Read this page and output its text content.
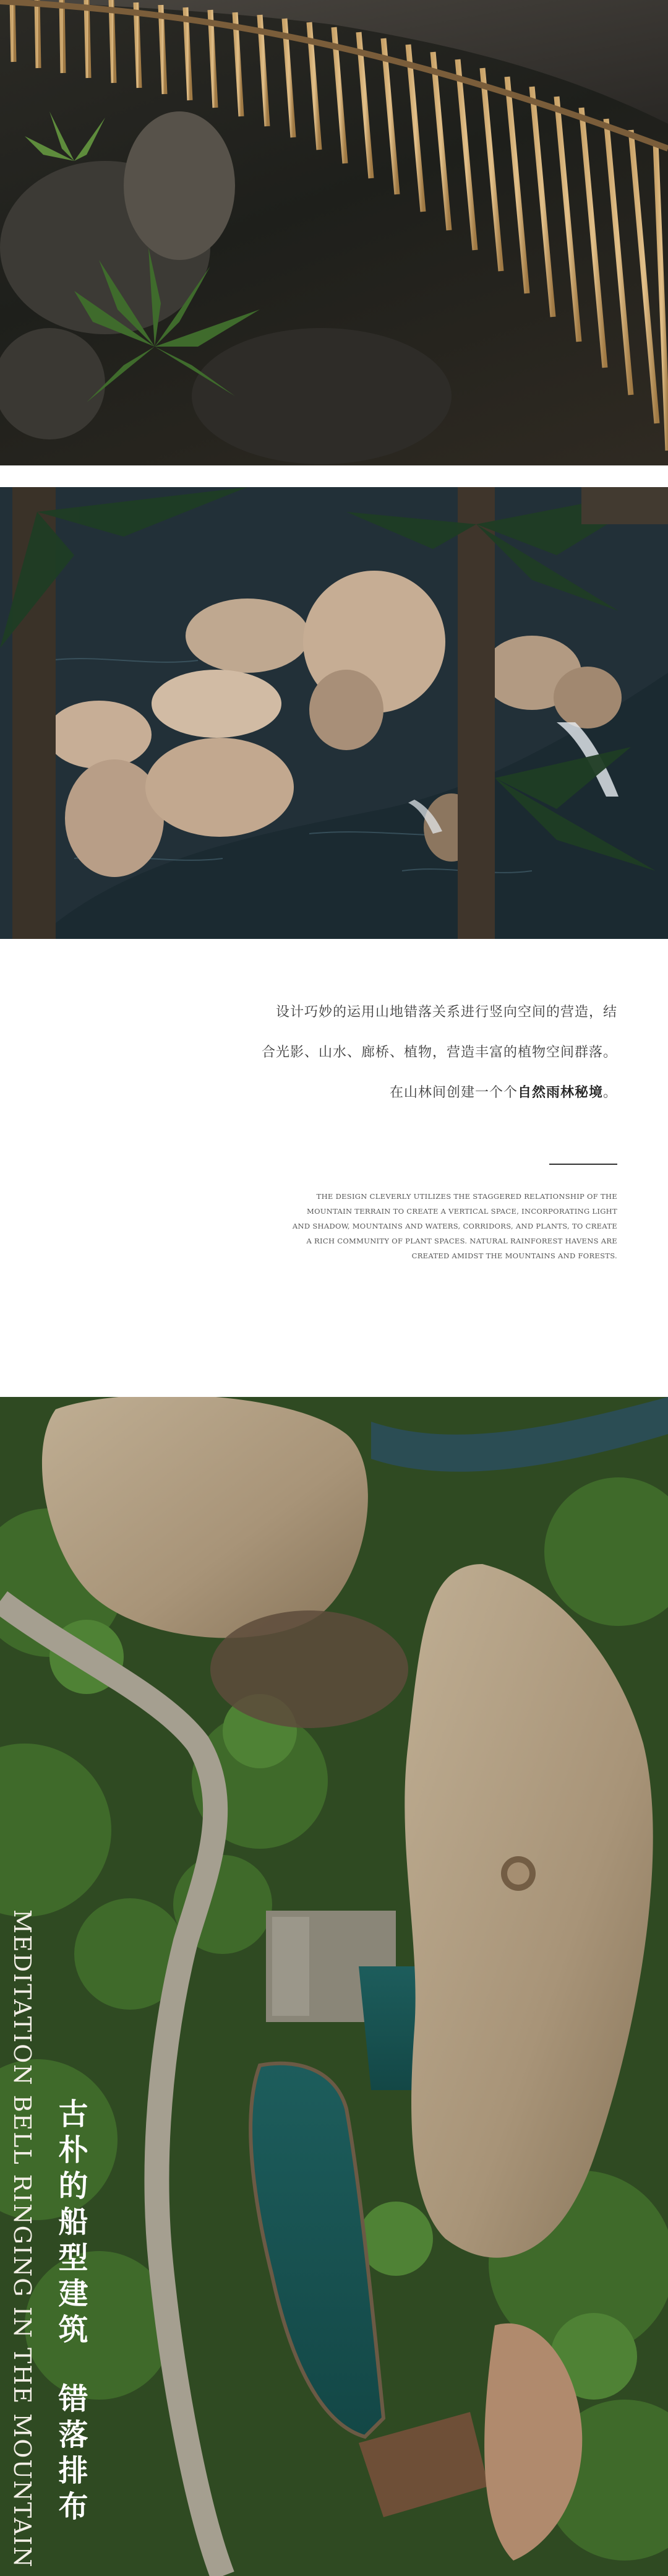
设计巧妙的运用山地错落关系进行竖向空间的营造，结
合光影、山水、廊桥、植物，营造丰富的植物空间群落。
在山林间创建一个个自然雨林秘境。
THE DESIGN CLEVERLY UTILIZES THE STAGGERED RELATIONSHIP OF THE
MOUNTAIN TERRAIN TO CREATE A VERTICAL SPACE, INCORPORATING LIGHT
AND SHADOW, MOUNTAINS AND WATERS, CORRIDORS, AND PLANTS, TO CREATE
A RICH COMMUNITY OF PLANT SPACES. NATURAL RAINFOREST HAVENS ARE
CREATED AMIDST THE MOUNTAINS AND FORESTS.
MEDITATION BELL RINGING IN THE MOUNTAIN 古朴的船型建筑
错落排布
